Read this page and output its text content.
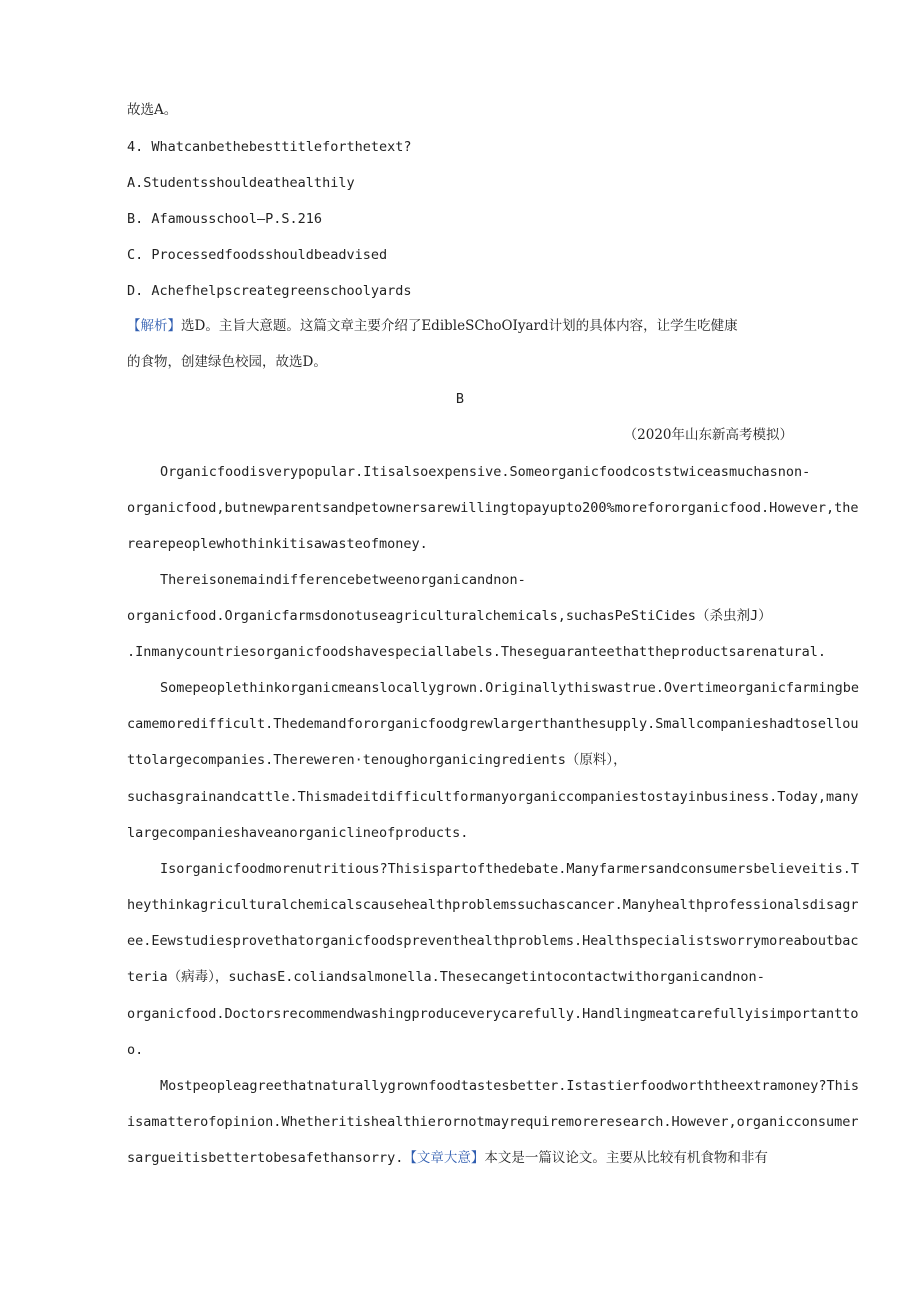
故选A。
4. Whatcanbethebesttitleforthetext?
A.Studentsshouldeathealthily
B. Afamousschool—P.S.216
C. Processedfoodsshouldbeadvised
D. Achefhelpscreategreenschoolyards
【解析】选D。主旨大意题。这篇文章主要介绍了EdibleSChoOIyard计划的具体内容，让学生吃健康
的食物，创建绿色校园，故选D。
B
（2020年山东新高考模拟）
Organicfoodisverypopular.Itisalsoexpensive.Someorganicfoodcoststwiceasmuchasnon-
organicfood,butnewparentsandpetownersarewillingtopayupto200%morefororganicfood.However,the
rearepeoplewhothinkitisawasteofmoney.
Thereisonemaindifferencebetweenorganicandnon-
organicfood.Organicfarmsdonotuseagriculturalchemicals,suchasPeStiCides（杀虫剂J）
.Inmanycountriesorganicfoodshavespeciallabels.Theseguaranteethattheproductsarenatural.
Somepeoplethinkorganicmeanslocallygrown.Originallythiswastrue.Overtimeorganicfarmingbe
camemoredifficult.Thedemandfororganicfoodgrewlargerthanthesupply.Smallcompanieshadtosellou
ttolargecompanies.Thereweren·tenoughorganicingredients（原料），
suchasgrainandcattle.Thismadeitdifficultformanyorganiccompaniestostayinbusiness.Today,many
largecompanieshaveanorganiclineofproducts.
Isorganicfoodmorenutritious?Thisispartofthedebate.Manyfarmersandconsumersbelieveitis.T
heythinkagriculturalchemicalscausehealthproblemssuchascancer.Manyhealthprofessionalsdisagr
ee.Eewstudiesprovethatorganicfoodspreventhealthproblems.Healthspecialistsworrymoreaboutbac
teria（病毒），suchasE.coliandsalmonella.Thesecangetintocontactwithorganicandnon-
organicfood.Doctorsrecommendwashingproduceverycarefully.Handlingmeatcarefullyisimportantto
o.
Mostpeopleagreethatnaturallygrownfoodtastesbetter.Istastierfoodworththeextramoney?This
isamatterofopinion.Whetheritishealthierornotmayrequiremoreresearch.However,organicconsumer
sargueitisbettertobesafethansorry.【文章大意】本文是一篇议论文。主要从比较有机食物和非有
